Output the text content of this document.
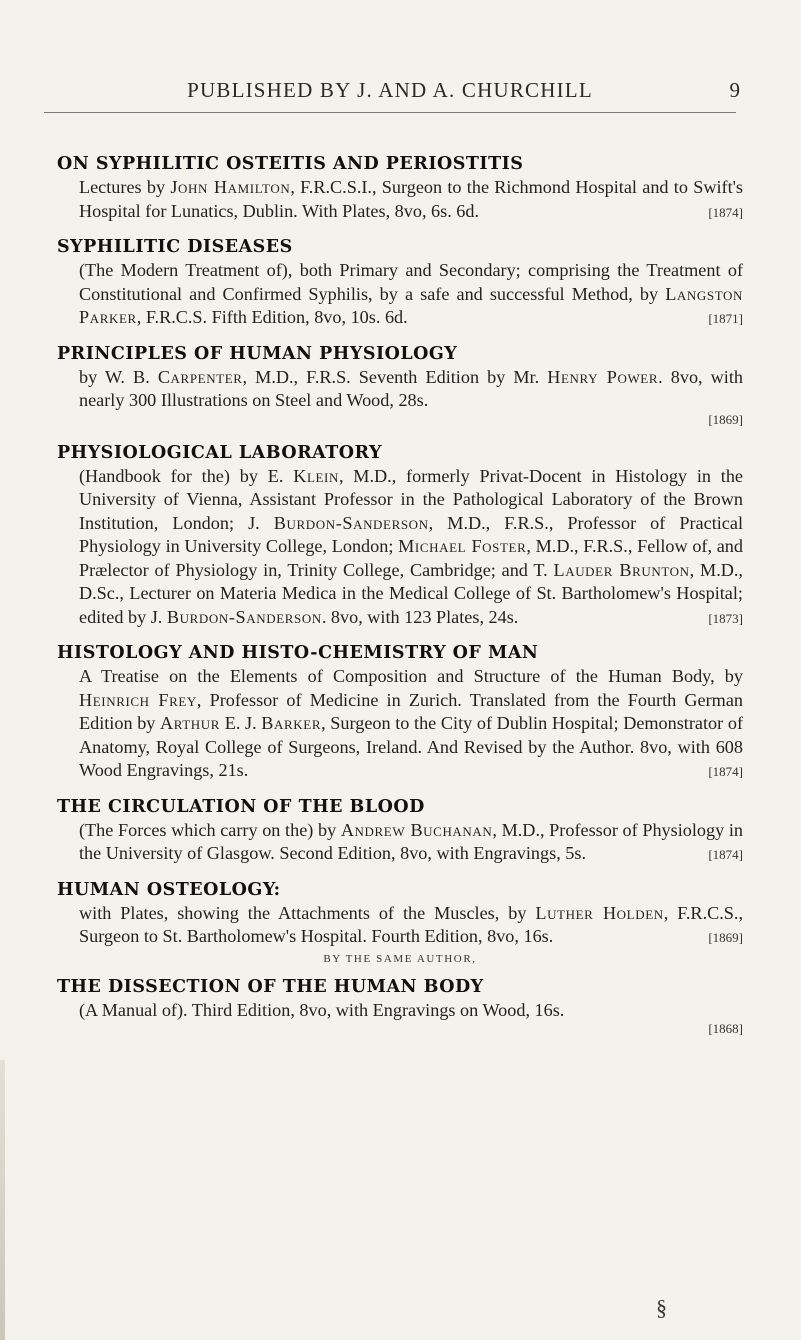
PUBLISHED BY J. AND A. CHURCHILL	9
ON SYPHILITIC OSTEITIS AND PERIOSTITIS
Lectures by John Hamilton, F.R.C.S.I., Surgeon to the Richmond Hospital and to Swift's Hospital for Lunatics, Dublin. With Plates, 8vo, 6s. 6d.	[1874]
SYPHILITIC DISEASES
(The Modern Treatment of), both Primary and Secondary; comprising the Treatment of Constitutional and Confirmed Syphilis, by a safe and successful Method, by Langston Parker, F.R.C.S. Fifth Edition, 8vo, 10s. 6d.	[1871]
PRINCIPLES OF HUMAN PHYSIOLOGY
by W. B. Carpenter, M.D., F.R.S. Seventh Edition by Mr. Henry Power. 8vo, with nearly 300 Illustrations on Steel and Wood, 28s.
[1869]
PHYSIOLOGICAL LABORATORY
(Handbook for the) by E. Klein, M.D., formerly Privat-Docent in Histology in the University of Vienna, Assistant Professor in the Pathological Laboratory of the Brown Institution, London; J. Burdon-Sanderson, M.D., F.R.S., Professor of Practical Physiology in University College, London; Michael Foster, M.D., F.R.S., Fellow of, and Prælector of Physiology in, Trinity College, Cambridge; and T. Lauder Brunton, M.D., D.Sc., Lecturer on Materia Medica in the Medical College of St. Bartholomew's Hospital; edited by J. Burdon-Sanderson. 8vo, with 123 Plates, 24s.	[1873]
HISTOLOGY AND HISTO-CHEMISTRY OF MAN
A Treatise on the Elements of Composition and Structure of the Human Body, by Heinrich Frey, Professor of Medicine in Zurich. Translated from the Fourth German Edition by Arthur E. J. Barker, Surgeon to the City of Dublin Hospital; Demonstrator of Anatomy, Royal College of Surgeons, Ireland. And Revised by the Author. 8vo, with 608 Wood Engravings, 21s.	[1874]
THE CIRCULATION OF THE BLOOD
(The Forces which carry on the) by Andrew Buchanan, M.D., Professor of Physiology in the University of Glasgow. Second Edition, 8vo, with Engravings, 5s.	[1874]
HUMAN OSTEOLOGY:
with Plates, showing the Attachments of the Muscles, by Luther Holden, F.R.C.S., Surgeon to St. Bartholomew's Hospital. Fourth Edition, 8vo, 16s.	[1869]
BY THE SAME AUTHOR,
THE DISSECTION OF THE HUMAN BODY
(A Manual of). Third Edition, 8vo, with Engravings on Wood, 16s.
[1868]
§
